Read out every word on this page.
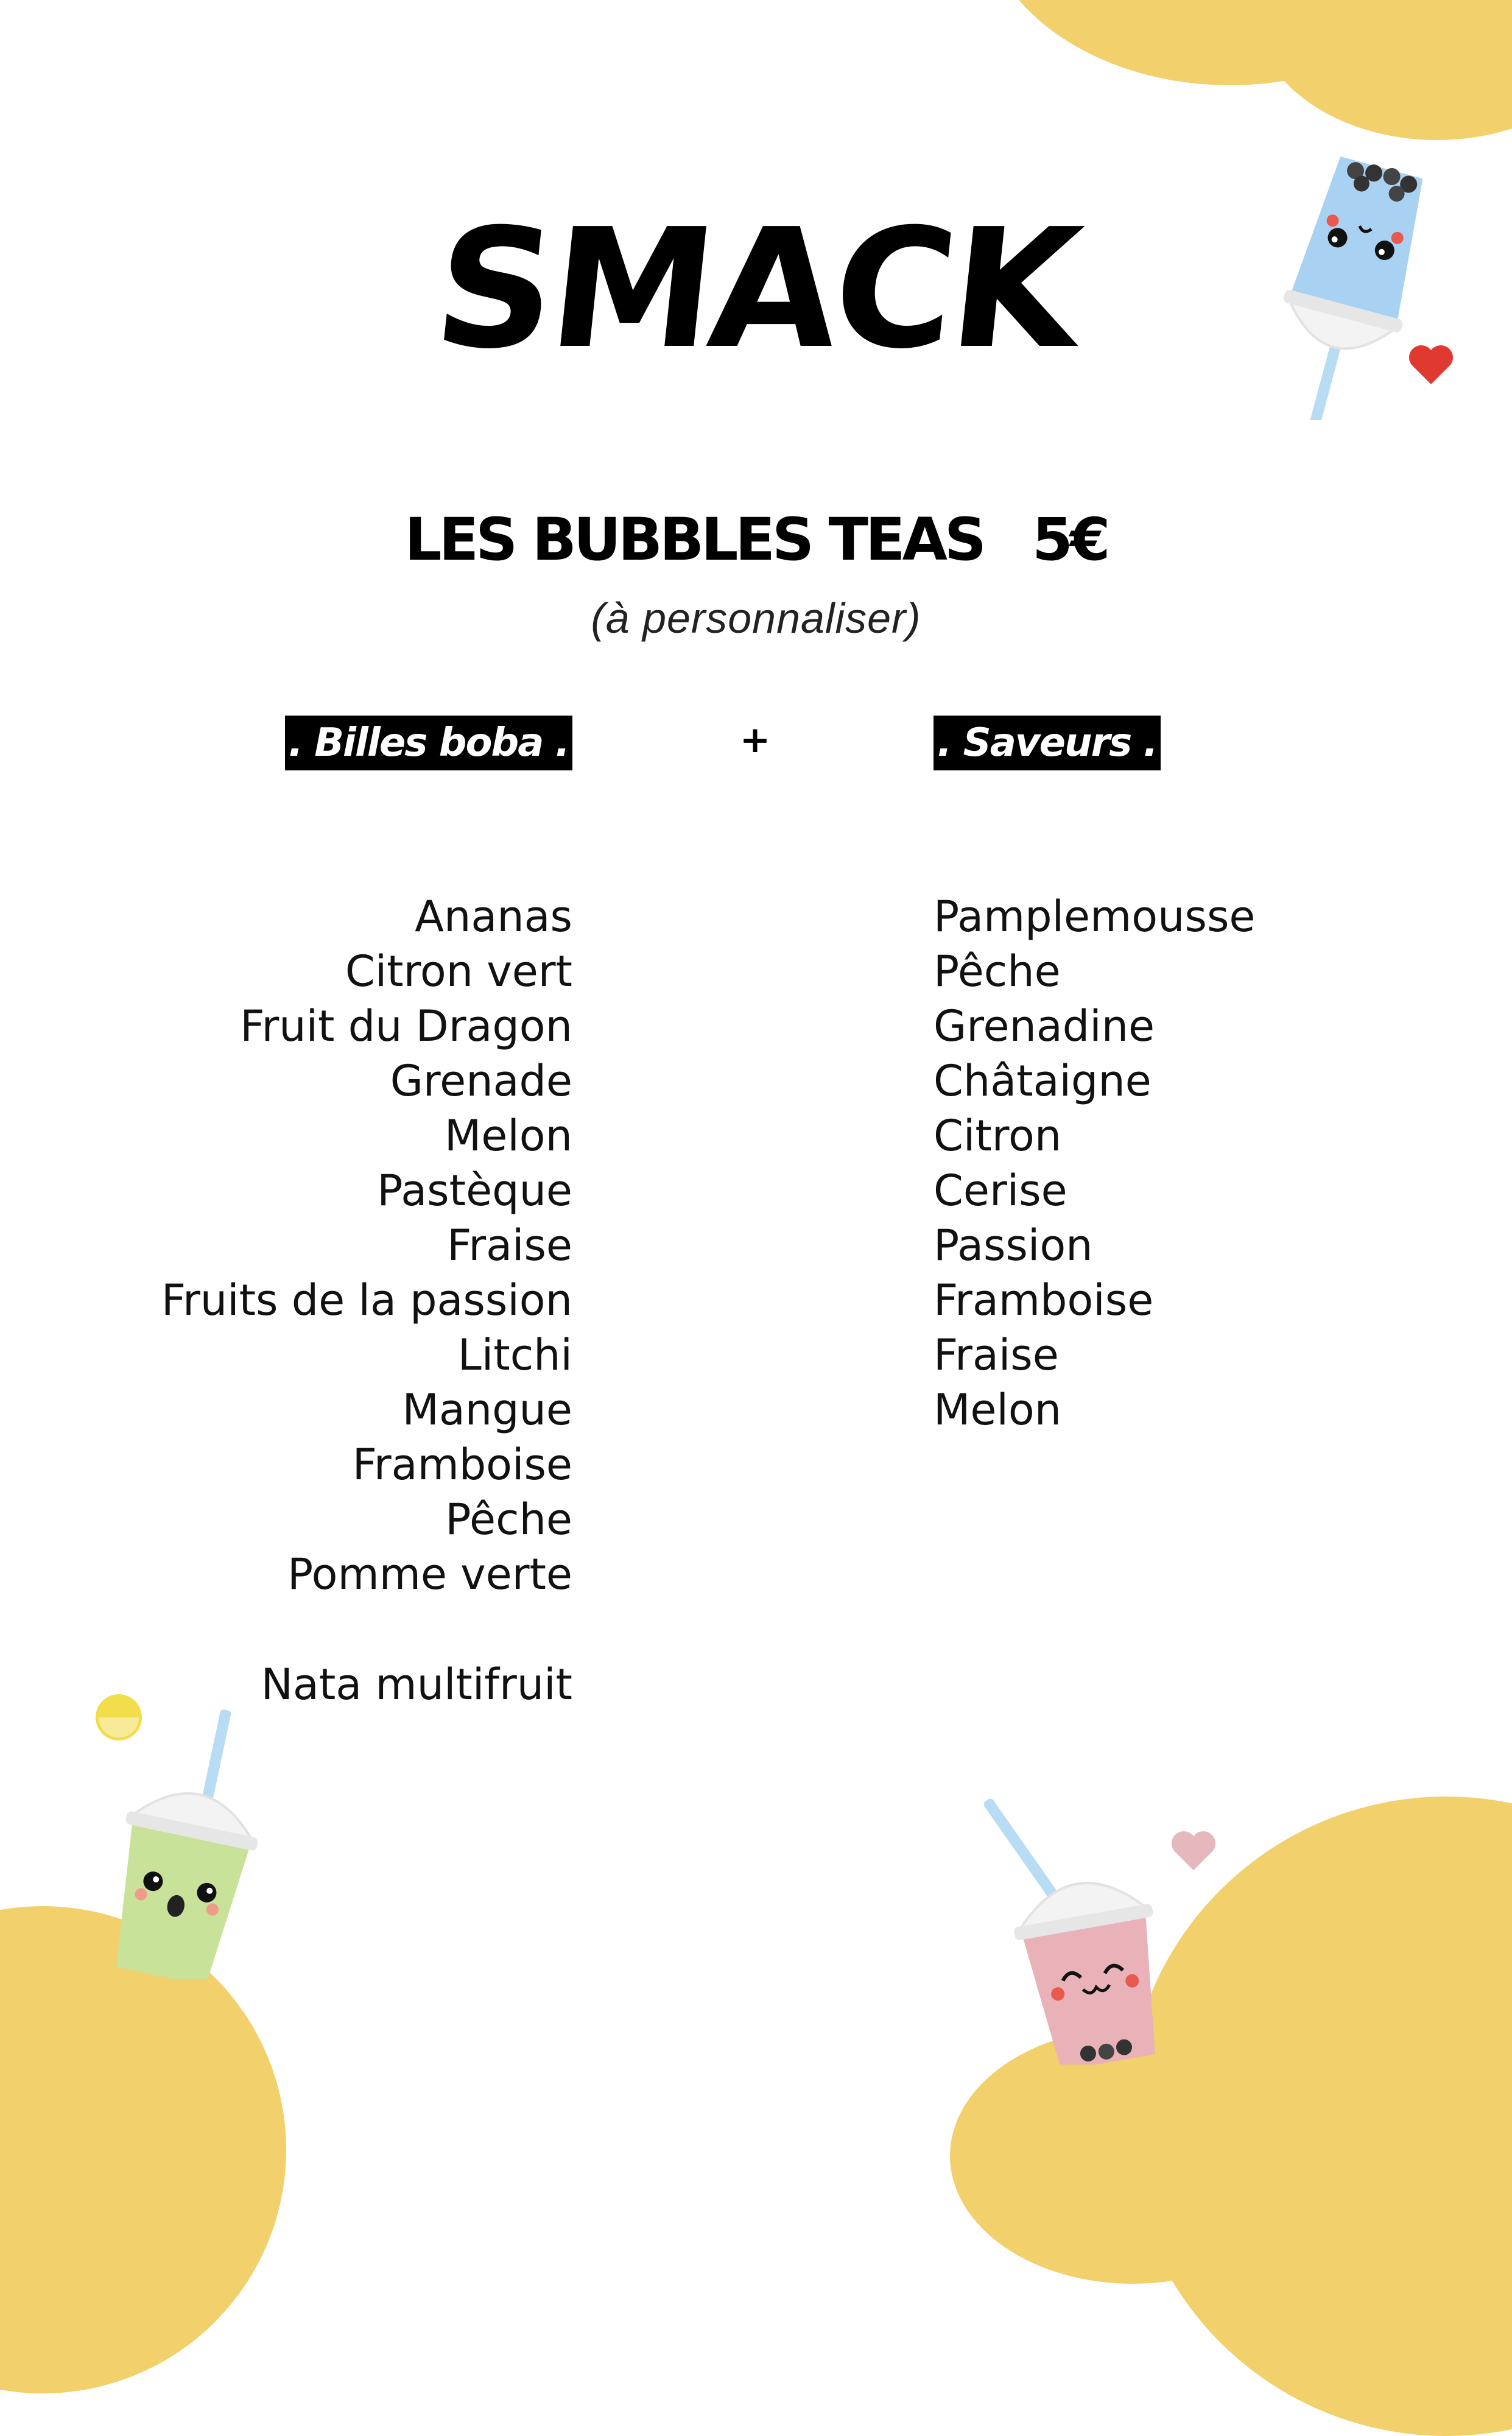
SMACK
LES BUBBLES TEAS 5€
(à personnaliser)
. Billes boba .	+	. Saveurs .
Ananas
Citron vert
Fruit du Dragon
Grenade
Melon
Pastèque
Fraise
Fruits de la passion
Litchi
Mangue
Framboise
Pêche
Pomme verte
Nata multifruit
Pamplemousse
Pêche
Grenadine
Châtaigne
Citron
Cerise
Passion
Framboise
Fraise
Melon
